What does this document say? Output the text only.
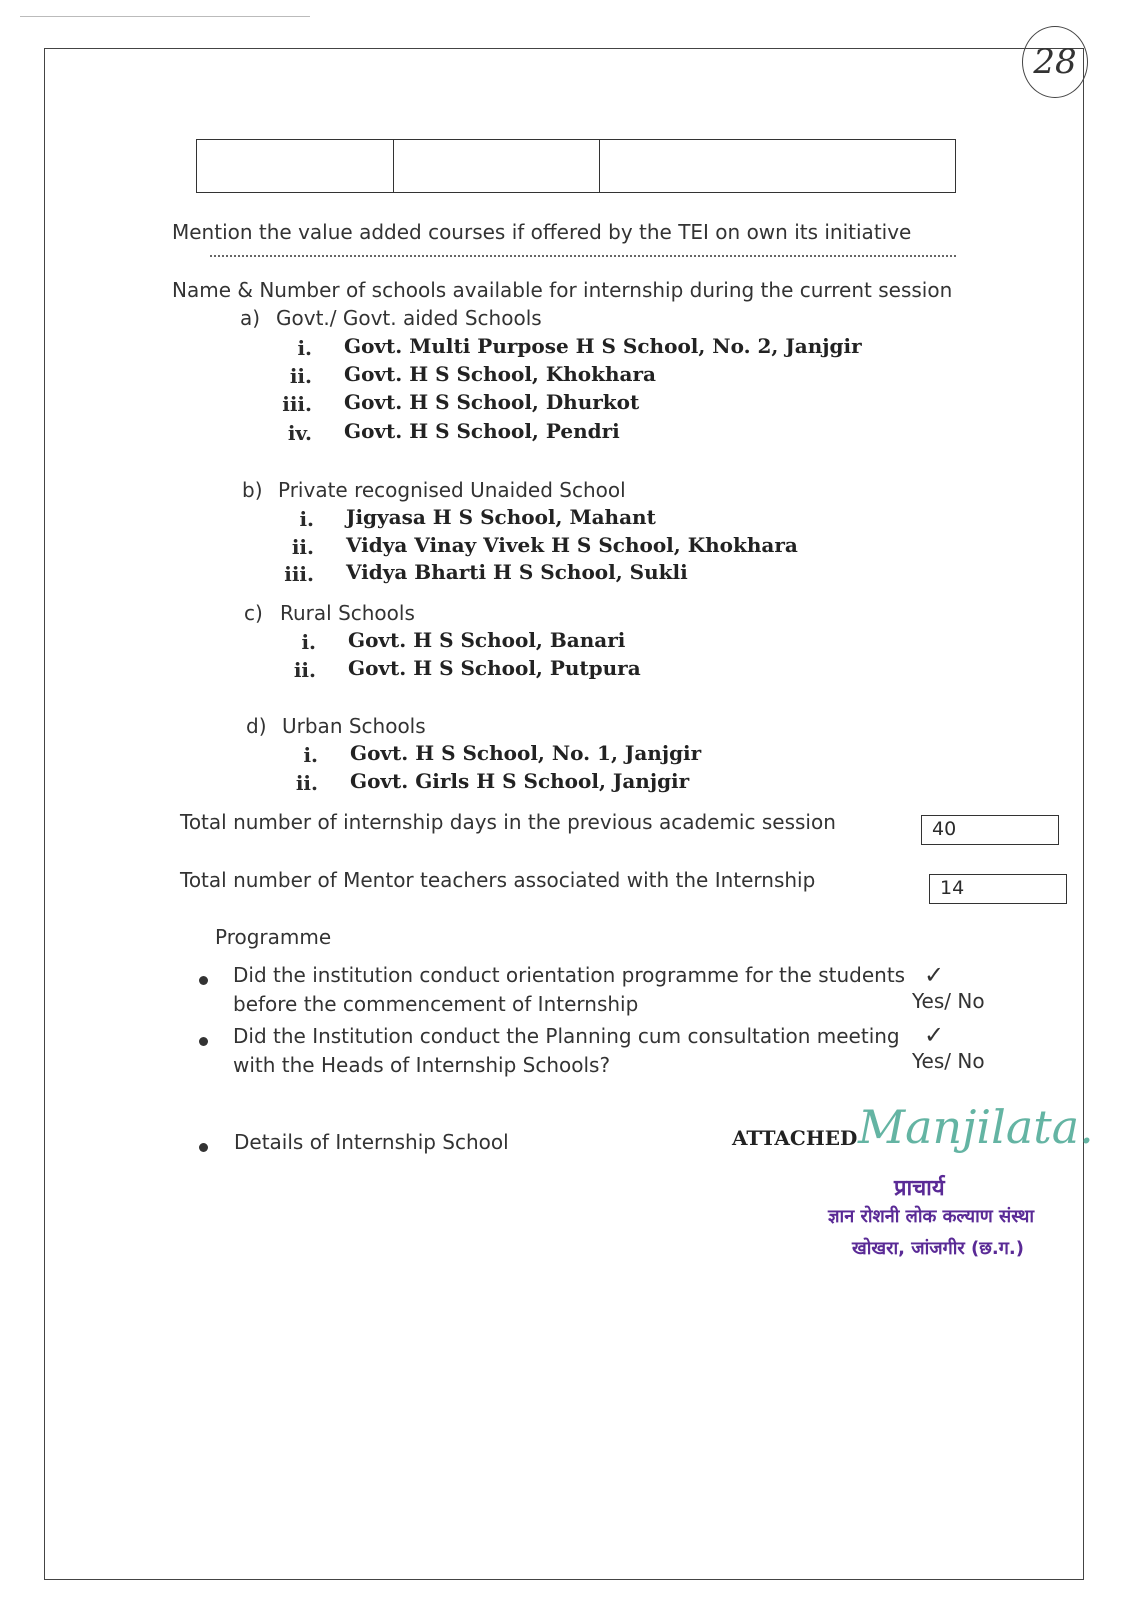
28
Mention the value added courses if offered by the TEI on own its initiative
Name & Number of schools available for internship during the current session
a) Govt./ Govt. aided Schools
i. Govt. Multi Purpose H S School, No. 2, Janjgir
ii. Govt. H S School, Khokhara
iii. Govt. H S School, Dhurkot
iv. Govt. H S School, Pendri
b) Private recognised Unaided School
i. Jigyasa H S School, Mahant
ii. Vidya Vinay Vivek H S School, Khokhara
iii. Vidya Bharti H S School, Sukli
c) Rural Schools
i. Govt. H S School, Banari
ii. Govt. H S School, Putpura
d) Urban Schools
i. Govt. H S School, No. 1, Janjgir
ii. Govt. Girls H S School, Janjgir
Total number of internship days in the previous academic session	40
Total number of Mentor teachers associated with the Internship	14
Programme
Did the institution conduct orientation programme for the students
before the commencement of Internship
✓
Yes/ No
Did the Institution conduct the Planning cum consultation meeting
with the Heads of Internship Schools?
✓
Yes/ No
Details of Internship School	ATTACHED Manjilata.
प्राचार्य
ज्ञान रोशनी लोक कल्याण संस्था
खोखरा, जांजगीर (छ.ग.)
